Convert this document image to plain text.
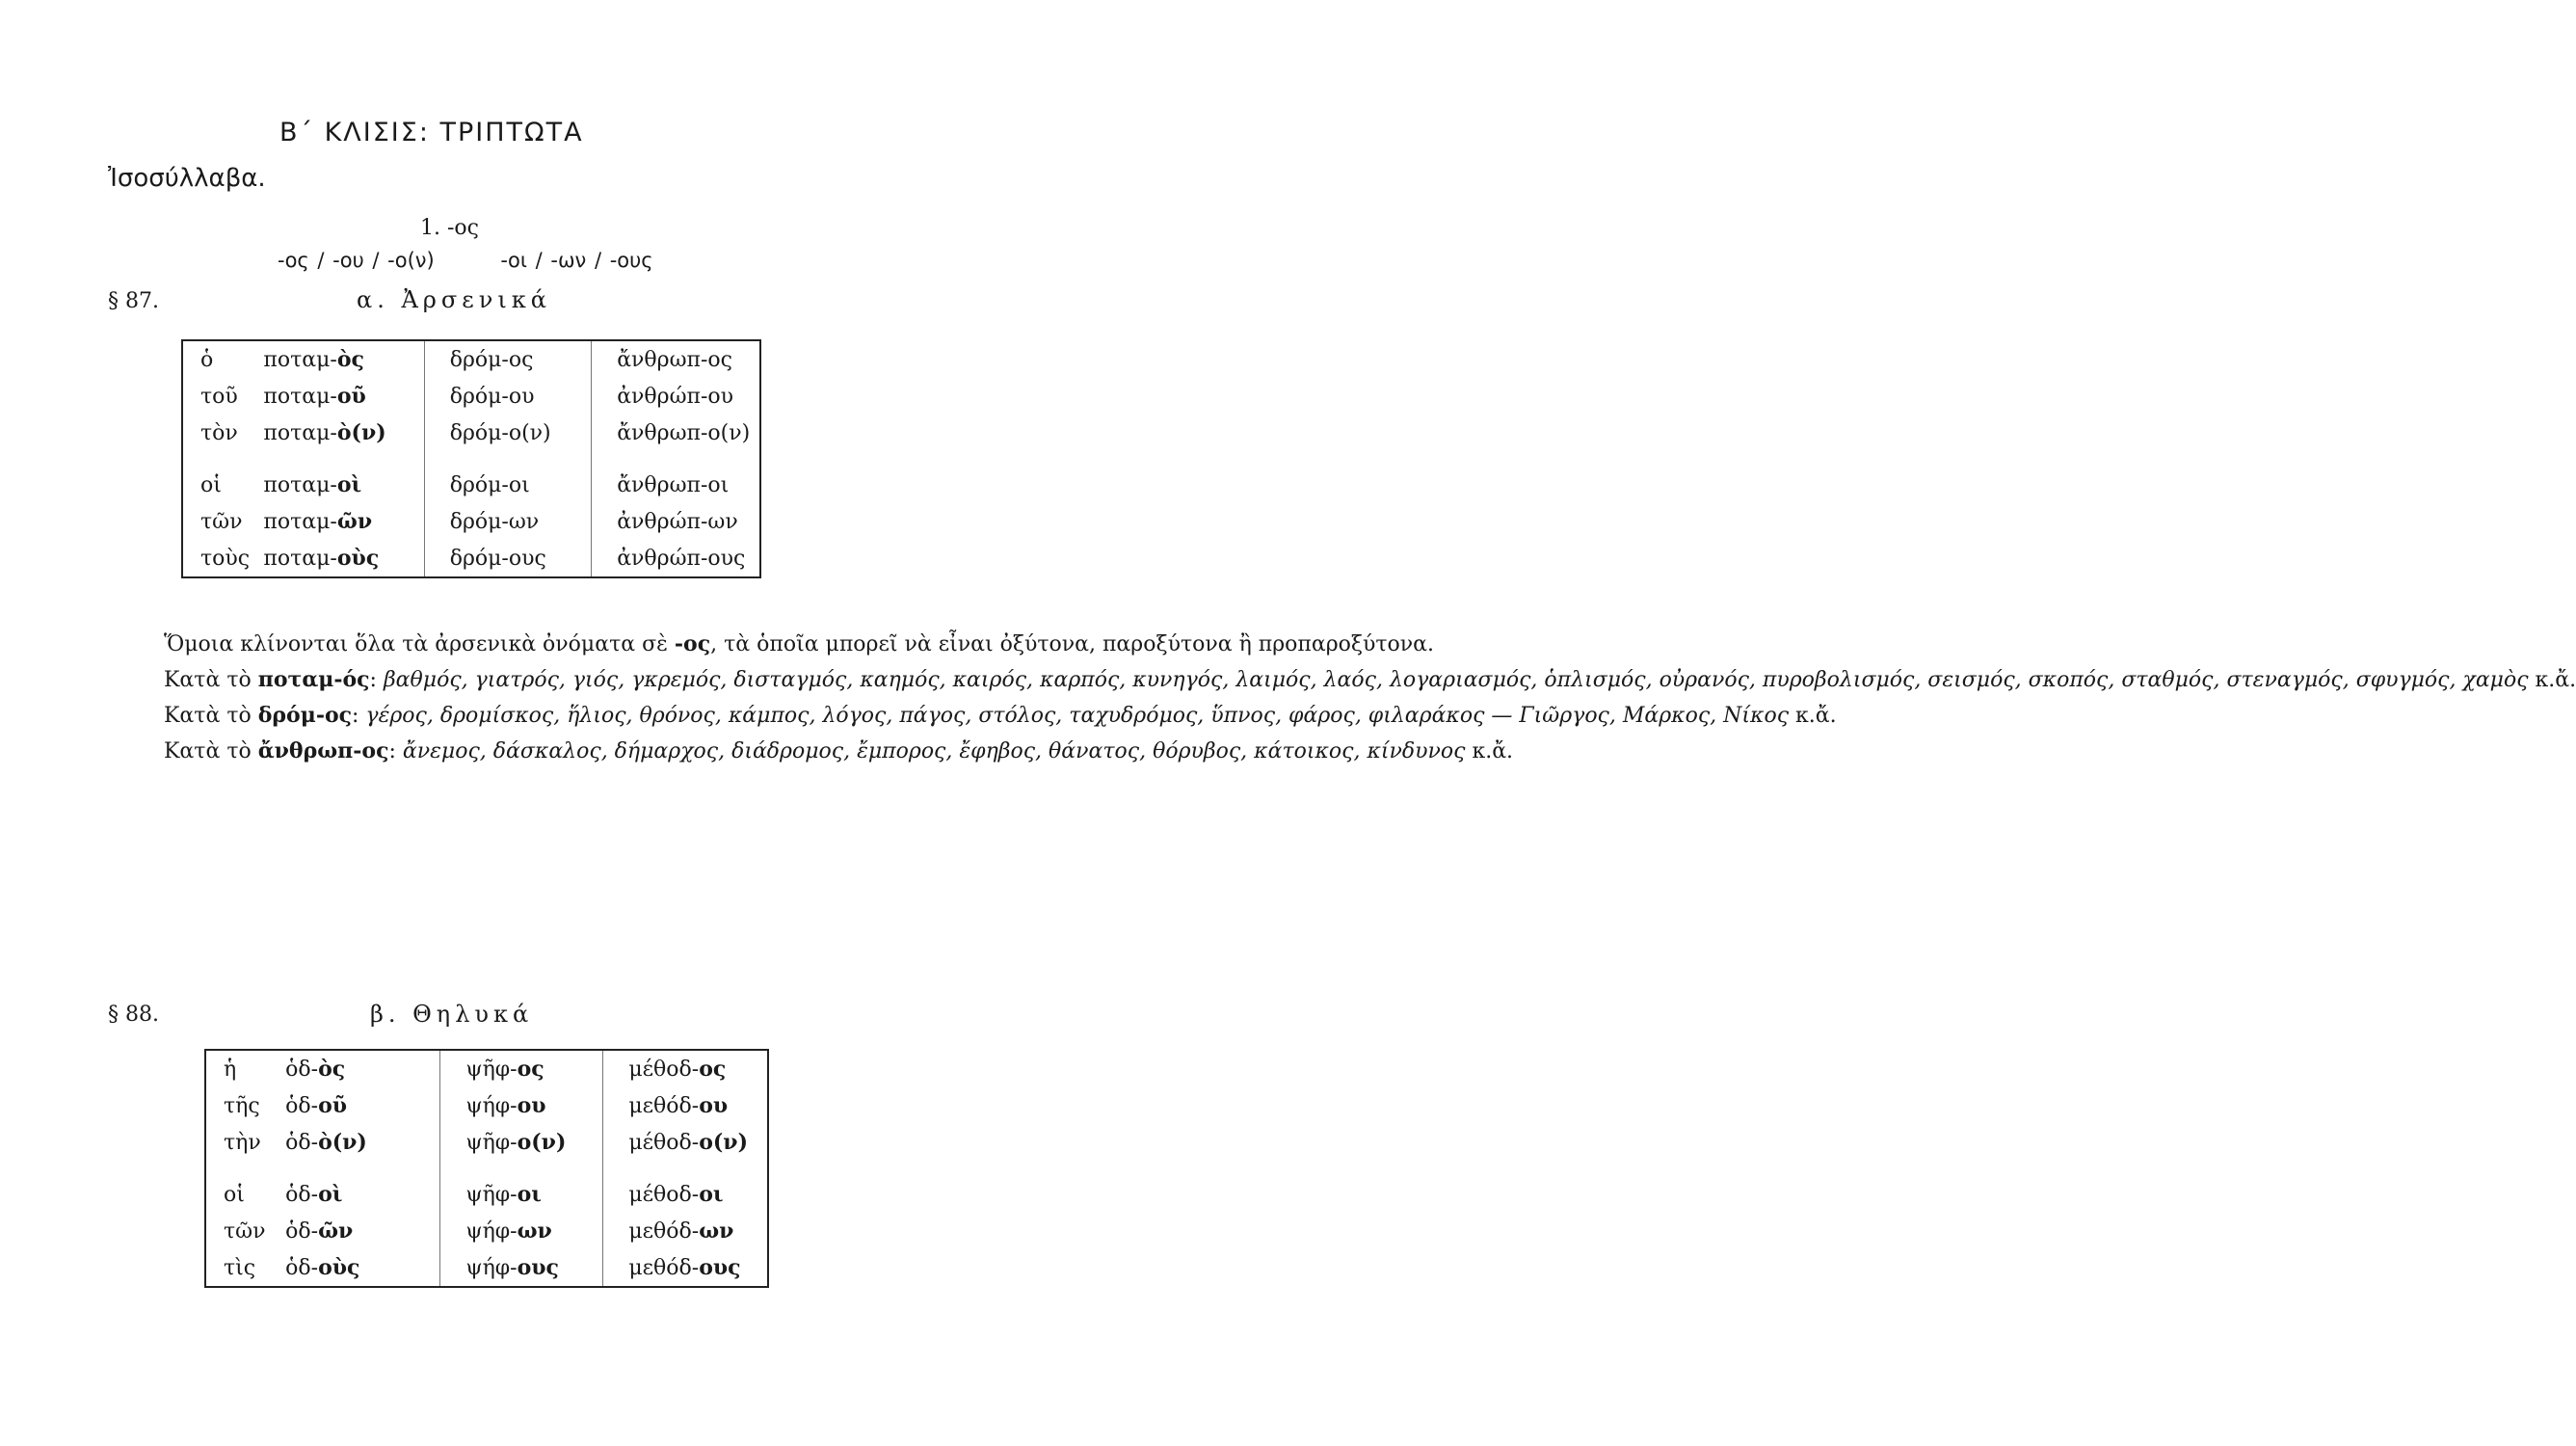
Β΄ ΚΛΙΣΙΣ: ΤΡΙΠΤΩΤΑ
Ἰσοσύλλαβα.
1. -ος
-ος / -ου / -ο(ν)	-οι / -ων / -ους
§ 87.	α. Ἀρσενικά
ὁ	ποταμ-ὸς	δρόμ-ος	ἄνθρωπ-ος
τοῦ	ποταμ-οῦ	δρόμ-ου	ἀνθρώπ-ου
τὸν	ποταμ-ὸ(ν)	δρόμ-ο(ν)	ἄνθρωπ-ο(ν)

οἱ	ποταμ-οὶ	δρόμ-οι	ἄνθρωπ-οι
τῶν	ποταμ-ῶν	δρόμ-ων	ἀνθρώπ-ων
τοὺς	ποταμ-οὺς	δρόμ-ους	ἀνθρώπ-ους

Ὅμοια κλίνονται ὅλα τὰ ἀρσενικὰ ὀνόματα σὲ -ος, τὰ ὁποῖα μπορεῖ νὰ εἶναι ὀξύτονα, παροξύτονα ἢ προπαροξύτονα.

Κατὰ τὸ ποταμ-ός: βαθμός, γιατρός, γιός, γκρεμός, δισταγμός, καημός, καιρός, καρπός, κυνηγός, λαιμός, λαός, λογαριασμός, ὁπλισμός, οὐρανός, πυροβολισμός, σεισμός, σκοπός, σταθμός, στεναγμός, σφυγμός, χαμὸς κ.ἄ.

Κατὰ τὸ δρόμ-ος: γέρος, δρομίσκος, ἥλιος, θρόνος, κάμπος, λόγος, πάγος, στόλος, ταχυδρόμος, ὕπνος, φάρος, φιλαράκος — Γιῶργος, Μάρκος, Νίκος κ.ἄ.

Κατὰ τὸ ἄνθρωπ-ος: ἄνεμος, δάσκαλος, δήμαρχος, διάδρομος, ἔμπορος, ἔφηβος, θάνατος, θόρυβος, κάτοικος, κίνδυνος κ.ἄ.

§ 88.	β. Θηλυκά
ἡ	ὁδ-ὸς	ψῆφ-ος	μέθοδ-ος
τῆς	ὁδ-οῦ	ψήφ-ου	μεθόδ-ου
τὴν	ὁδ-ὸ(ν)	ψῆφ-ο(ν)	μέθοδ-ο(ν)

οἱ	ὁδ-οὶ	ψῆφ-οι	μέθοδ-οι
τῶν	ὁδ-ῶν	ψήφ-ων	μεθόδ-ων
τὶς	ὁδ-οὺς	ψήφ-ους	μεθόδ-ους
